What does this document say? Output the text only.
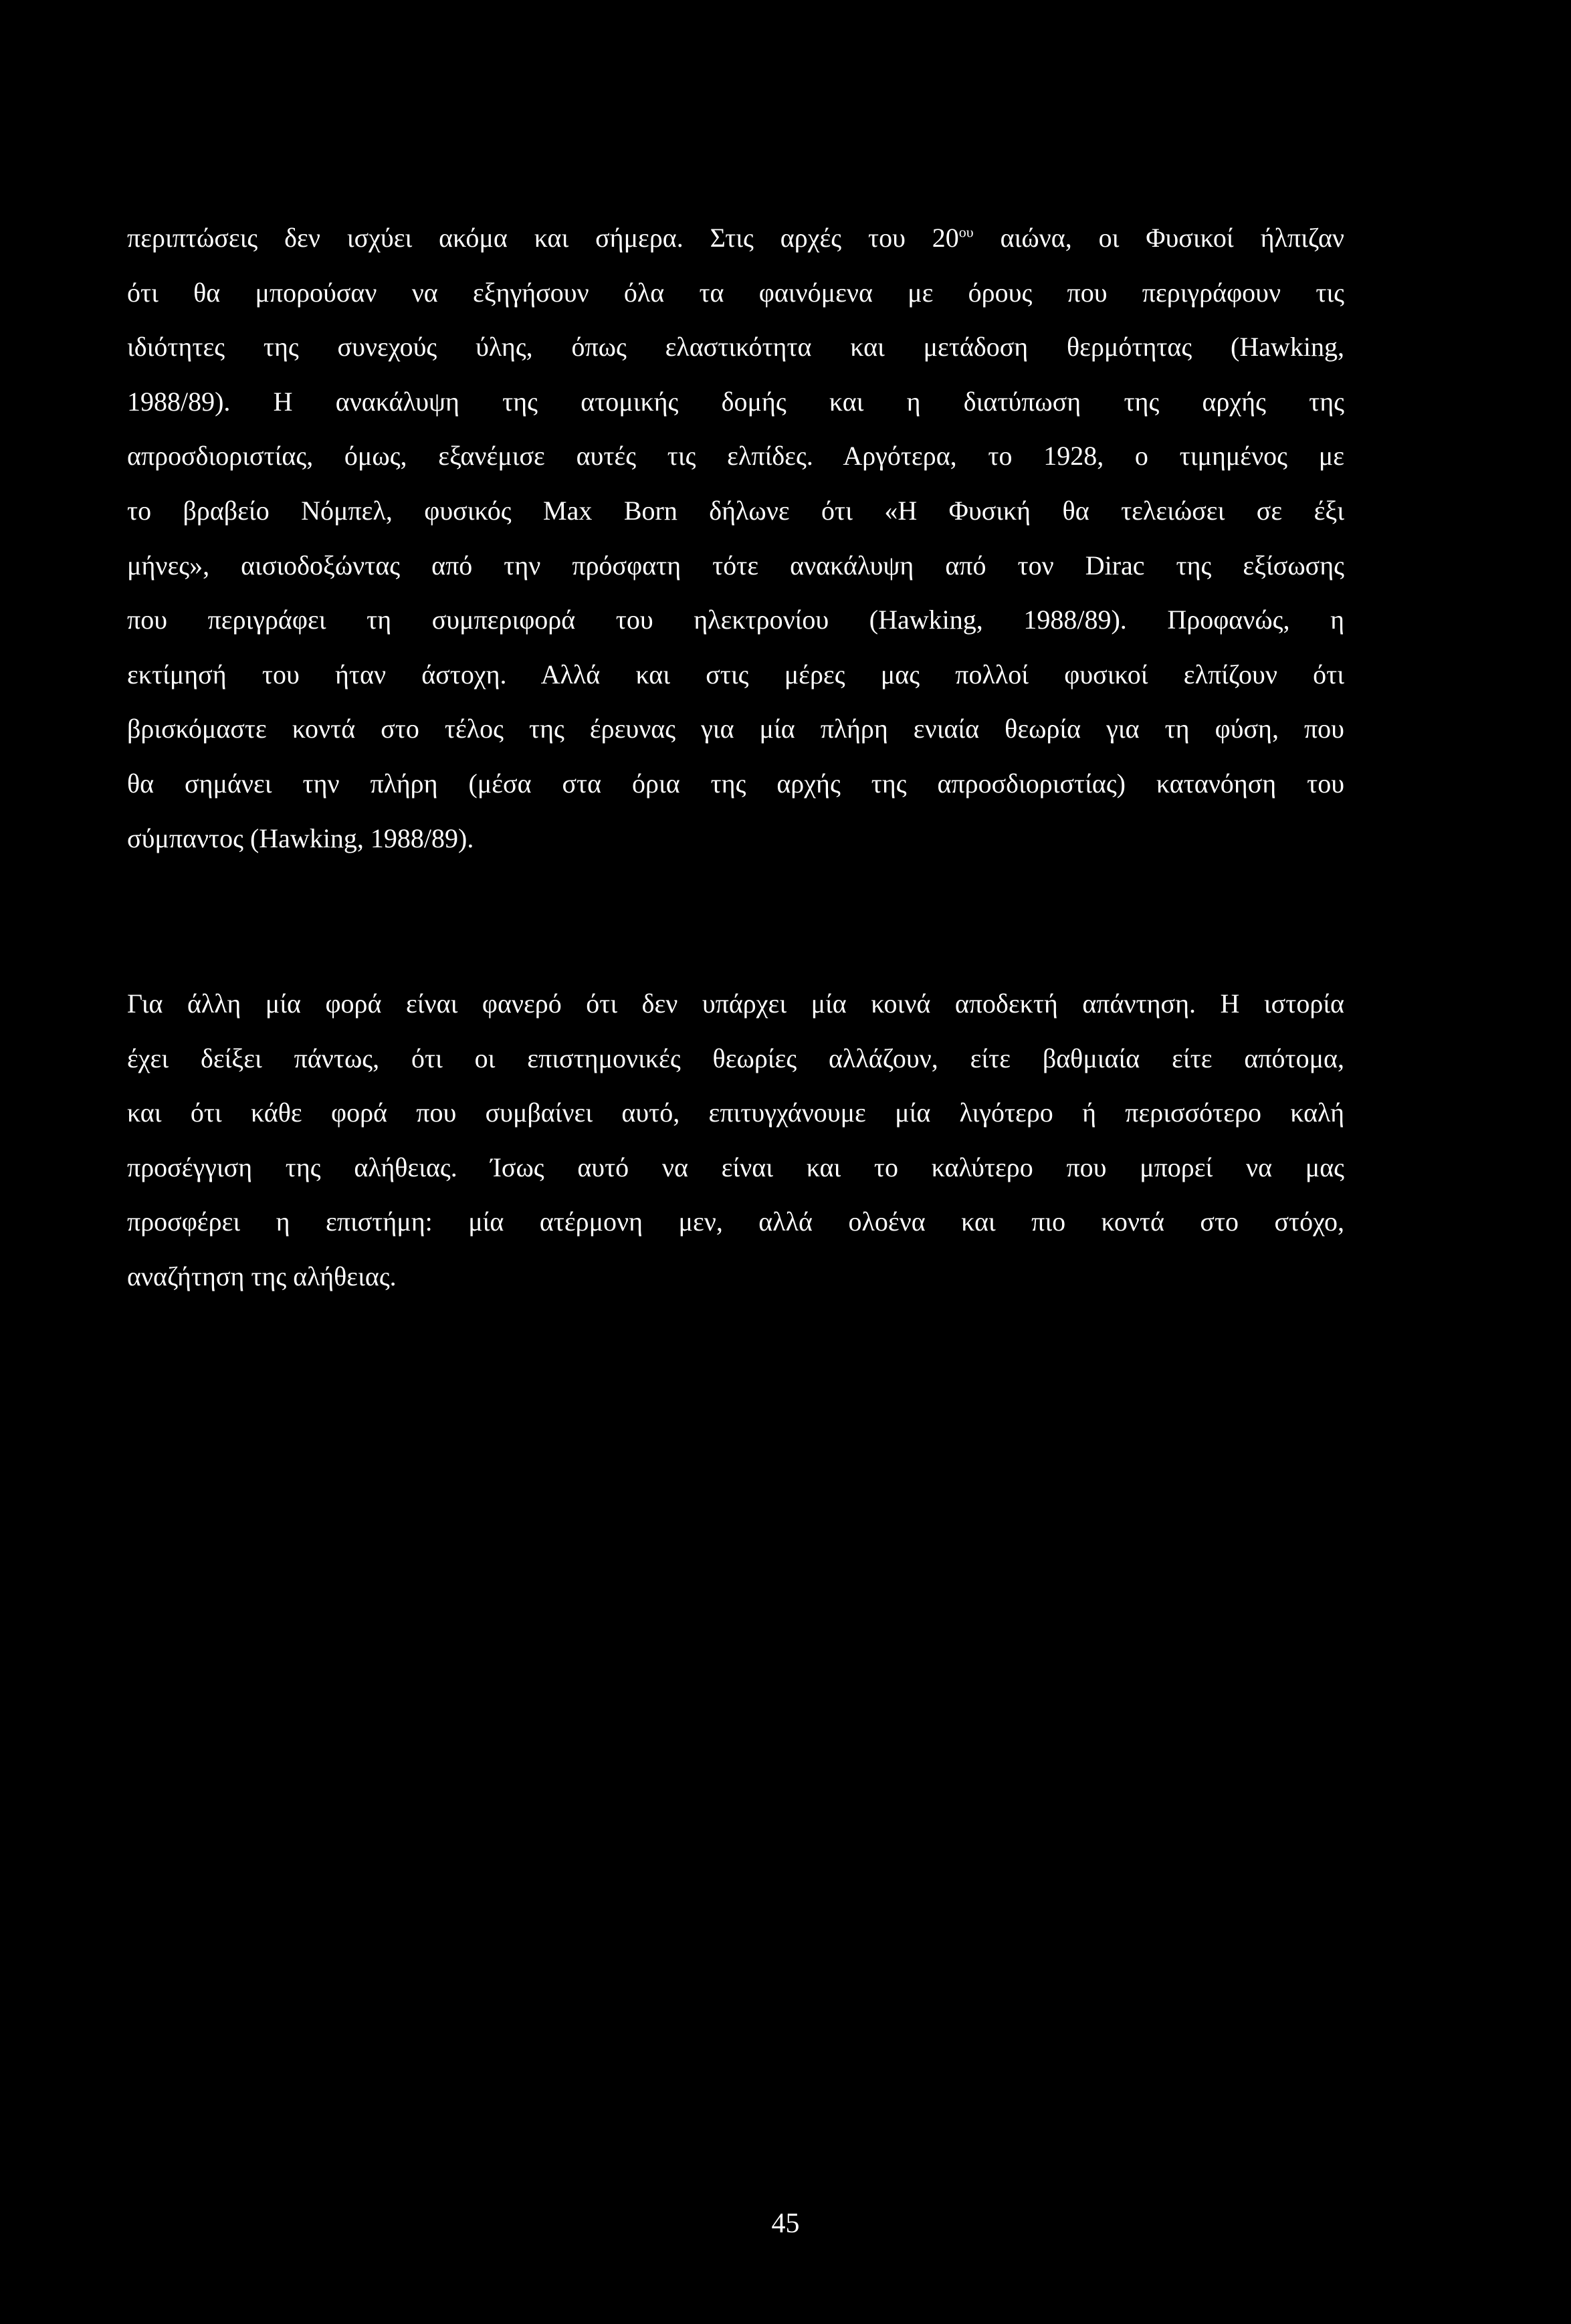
περιπτώσεις δεν ισχύει ακόμα και σήμερα. Στις αρχές του $20^{o\upsilon}$ αιώνα, οι Φυσικοί ήλπιζαν
ότι θα μπορούσαν να εξηγήσουν όλα τα φαινόμενα με όρους που περιγράφουν τις
ιδιότητες της συνεχούς ύλης, όπως ελαστικότητα και μετάδοση θερμότητας (Hawking,
1988/89). Η ανακάλυψη της ατομικής δομής και η διατύπωση της αρχής της
απροσδιοριστίας, όμως, εξανέμισε αυτές τις ελπίδες. Αργότερα, το 1928, ο τιμημένος με
το βραβείο Νόμπελ, φυσικός Max Born δήλωνε ότι «Η Φυσική θα τελειώσει σε έξι
μήνες», αισιοδοξώντας από την πρόσφατη τότε ανακάλυψη από τον Dirac της εξίσωσης
που περιγράφει τη συμπεριφορά του ηλεκτρονίου (Hawking, 1988/89). Προφανώς, η
εκτίμησή του ήταν άστοχη. Αλλά και στις μέρες μας πολλοί φυσικοί ελπίζουν ότι
βρισκόμαστε κοντά στο τέλος της έρευνας για μία πλήρη ενιαία θεωρία για τη φύση, που
θα σημάνει την πλήρη (μέσα στα όρια της αρχής της απροσδιοριστίας) κατανόηση του
σύμπαντος (Hawking, 1988/89).
Για άλλη μία φορά είναι φανερό ότι δεν υπάρχει μία κοινά αποδεκτή απάντηση. Η ιστορία
έχει δείξει πάντως, ότι οι επιστημονικές θεωρίες αλλάζουν, είτε βαθμιαία είτε απότομα,
και ότι κάθε φορά που συμβαίνει αυτό, επιτυγχάνουμε μία λιγότερο ή περισσότερο καλή
προσέγγιση της αλήθειας. Ίσως αυτό να είναι και το καλύτερο που μπορεί να μας
προσφέρει η επιστήμη: μία ατέρμονη μεν, αλλά ολοένα και πιο κοντά στο στόχο,
αναζήτηση της αλήθειας.
45
